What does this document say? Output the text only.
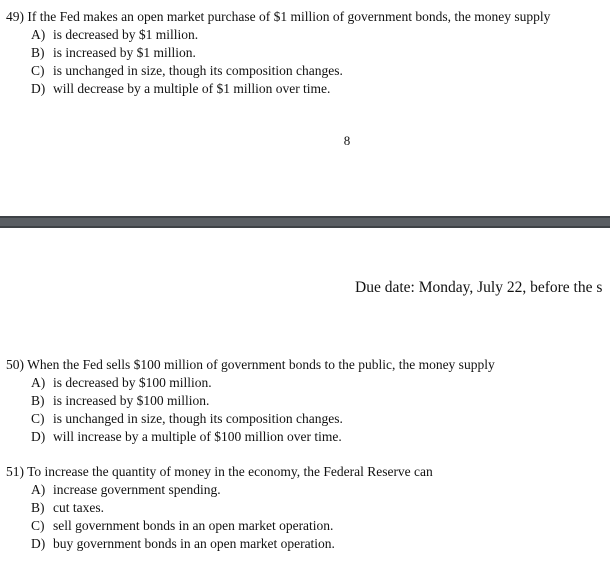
49) If the Fed makes an open market purchase of $1 million of government bonds, the money supply
A) is decreased by $1 million.
B) is increased by $1 million.
C) is unchanged in size, though its composition changes.
D) will decrease by a multiple of $1 million over time.
8
Due date: Monday, July 22, before the s
50) When the Fed sells $100 million of government bonds to the public, the money supply
A) is decreased by $100 million.
B) is increased by $100 million.
C) is unchanged in size, though its composition changes.
D) will increase by a multiple of $100 million over time.
51) To increase the quantity of money in the economy, the Federal Reserve can
A) increase government spending.
B) cut taxes.
C) sell government bonds in an open market operation.
D) buy government bonds in an open market operation.
